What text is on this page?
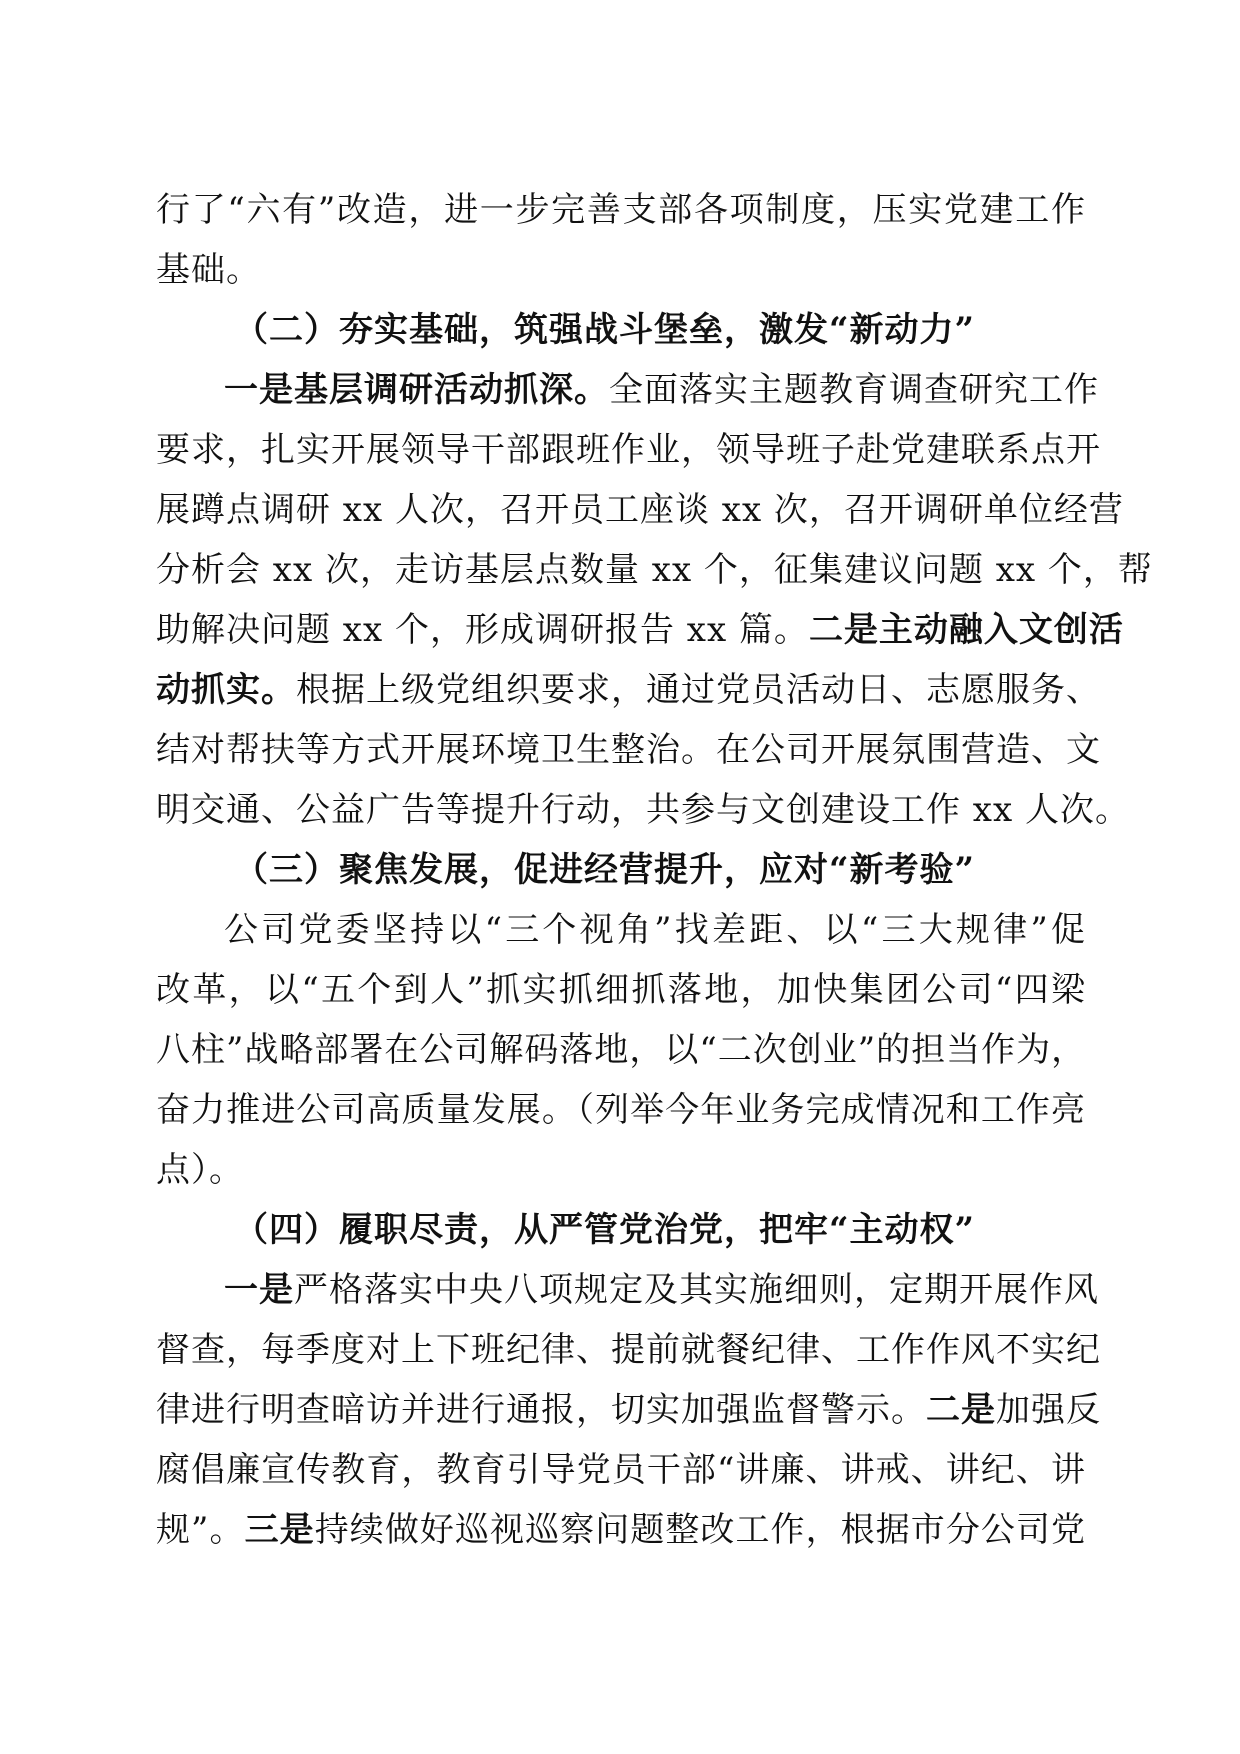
行了“六有”改造，进一步完善支部各项制度，压实党建工作
基础。
（二）夯实基础，筑强战斗堡垒，激发“新动力”
一是基层调研活动抓深。全面落实主题教育调查研究工作
要求，扎实开展领导干部跟班作业，领导班子赴党建联系点开
展蹲点调研 xx 人次，召开员工座谈 xx 次，召开调研单位经营
分析会 xx 次，走访基层点数量 xx 个，征集建议问题 xx 个，帮
助解决问题 xx 个，形成调研报告 xx 篇。二是主动融入文创活
动抓实。根据上级党组织要求，通过党员活动日、志愿服务、
结对帮扶等方式开展环境卫生整治。在公司开展氛围营造、文
明交通、公益广告等提升行动，共参与文创建设工作 xx 人次。
（三）聚焦发展，促进经营提升，应对“新考验”
公司党委坚持以“三个视角”找差距、以“三大规律”促
改革，以“五个到人”抓实抓细抓落地，加快集团公司“四梁
八柱”战略部署在公司解码落地，以“二次创业”的担当作为，
奋力推进公司高质量发展。（列举今年业务完成情况和工作亮
点）。
（四）履职尽责，从严管党治党，把牢“主动权”
一是严格落实中央八项规定及其实施细则，定期开展作风
督查，每季度对上下班纪律、提前就餐纪律、工作作风不实纪
律进行明查暗访并进行通报，切实加强监督警示。二是加强反
腐倡廉宣传教育，教育引导党员干部“讲廉、讲戒、讲纪、讲
规”。三是持续做好巡视巡察问题整改工作，根据市分公司党
